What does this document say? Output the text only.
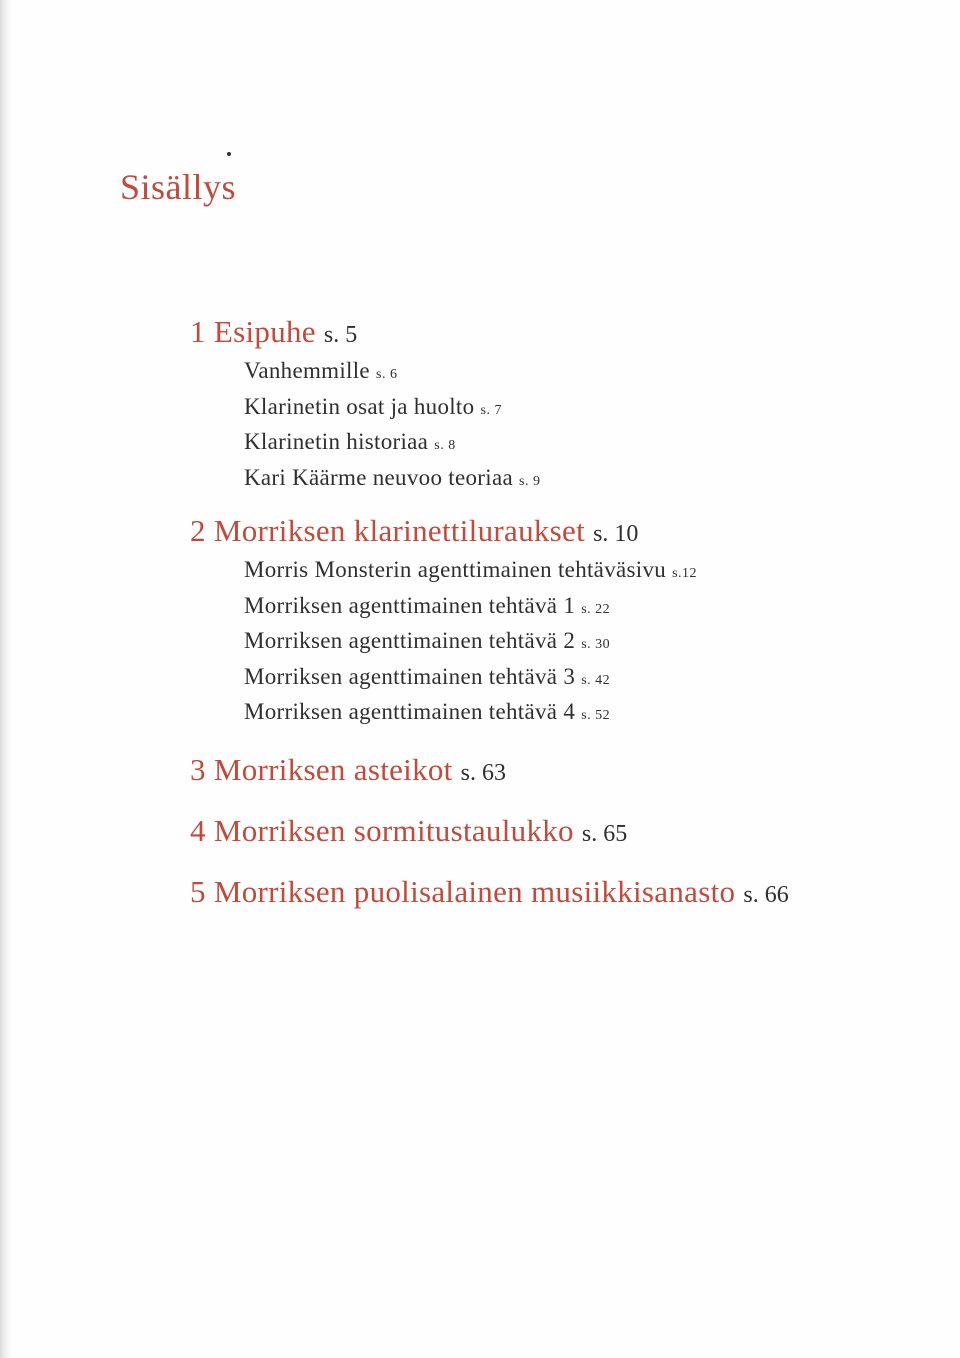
Sisällys
1 Esipuhe s. 5
Vanhemmille s. 6
Klarinetin osat ja huolto s. 7
Klarinetin historiaa s. 8
Kari Käärme neuvoo teoriaa s. 9
2 Morriksen klarinettiluraukset s. 10
Morris Monsterin agenttimainen tehtäväsivu s.12
Morriksen agenttimainen tehtävä 1 s. 22
Morriksen agenttimainen tehtävä 2 s. 30
Morriksen agenttimainen tehtävä 3 s. 42
Morriksen agenttimainen tehtävä 4 s. 52
3 Morriksen asteikot s. 63
4 Morriksen sormitustaulukko s. 65
5 Morriksen puolisalainen musiikkisanasto s. 66
